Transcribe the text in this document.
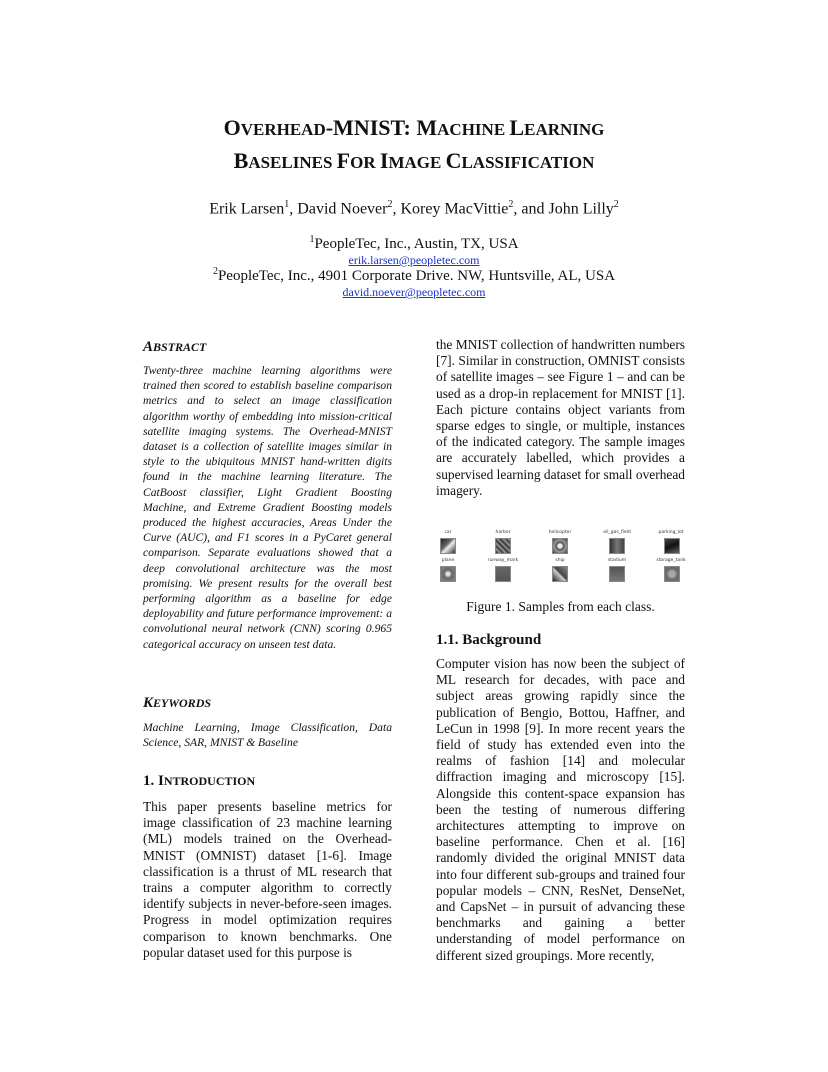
OVERHEAD-MNIST: MACHINE LEARNING
BASELINES FOR IMAGE CLASSIFICATION
Erik Larsen$^1$, David Noever$^2$, Korey MacVittie$^2$, and John Lilly$^2$
$^1$PeopleTec, Inc., Austin, TX, USA
erik.larsen@peopletec.com
$^2$PeopleTec, Inc., 4901 Corporate Drive. NW, Huntsville, AL, USA
david.noever@peopletec.com
ABSTRACT
Twenty-three machine learning algorithms were trained then scored to establish baseline comparison metrics and to select an image classification algorithm worthy of embedding into mission-critical satellite imaging systems. The Overhead-MNIST dataset is a collection of satellite images similar in style to the ubiquitous MNIST hand-written digits found in the machine learning literature. The CatBoost classifier, Light Gradient Boosting Machine, and Extreme Gradient Boosting models produced the highest accuracies, Areas Under the Curve (AUC), and F1 scores in a PyCaret general comparison. Separate evaluations showed that a deep convolutional architecture was the most promising. We present results for the overall best performing algorithm as a baseline for edge deployability and future performance improvement: a convolutional neural network (CNN) scoring 0.965 categorical accuracy on unseen test data.
KEYWORDS
Machine Learning, Image Classification, Data Science, SAR, MNIST & Baseline
1. INTRODUCTION
This paper presents baseline metrics for image classification of 23 machine learning (ML) models trained on the Overhead-MNIST (OMNIST) dataset [1-6]. Image classification is a thrust of ML research that trains a computer algorithm to correctly identify subjects in never-before-seen images. Progress in model optimization requires comparison to known benchmarks. One popular dataset used for this purpose is
the MNIST collection of handwritten numbers [7]. Similar in construction, OMNIST consists of satellite images – see Figure 1 – and can be used as a drop-in replacement for MNIST [1]. Each picture contains object variants from sparse edges to single, or multiple, instances of the indicated category. The sample images are accurately labelled, which provides a supervised learning dataset for small overhead imagery.
car	harbor	helicopter	oil_gas_field	parking_lot
plane	runway_mark	ship	stadium	storage_tank
Figure 1. Samples from each class.
1.1. Background
Computer vision has now been the subject of ML research for decades, with pace and subject areas growing rapidly since the publication of Bengio, Bottou, Haffner, and LeCun in 1998 [9]. In more recent years the field of study has extended even into the realms of fashion [14] and molecular diffraction imaging and microscopy [15]. Alongside this content-space expansion has been the testing of numerous differing architectures attempting to improve on baseline performance. Chen et al. [16] randomly divided the original MNIST data into four different sub-groups and trained four popular models – CNN, ResNet, DenseNet, and CapsNet – in pursuit of advancing these benchmarks and gaining a better understanding of model performance on different sized groupings. More recently,
